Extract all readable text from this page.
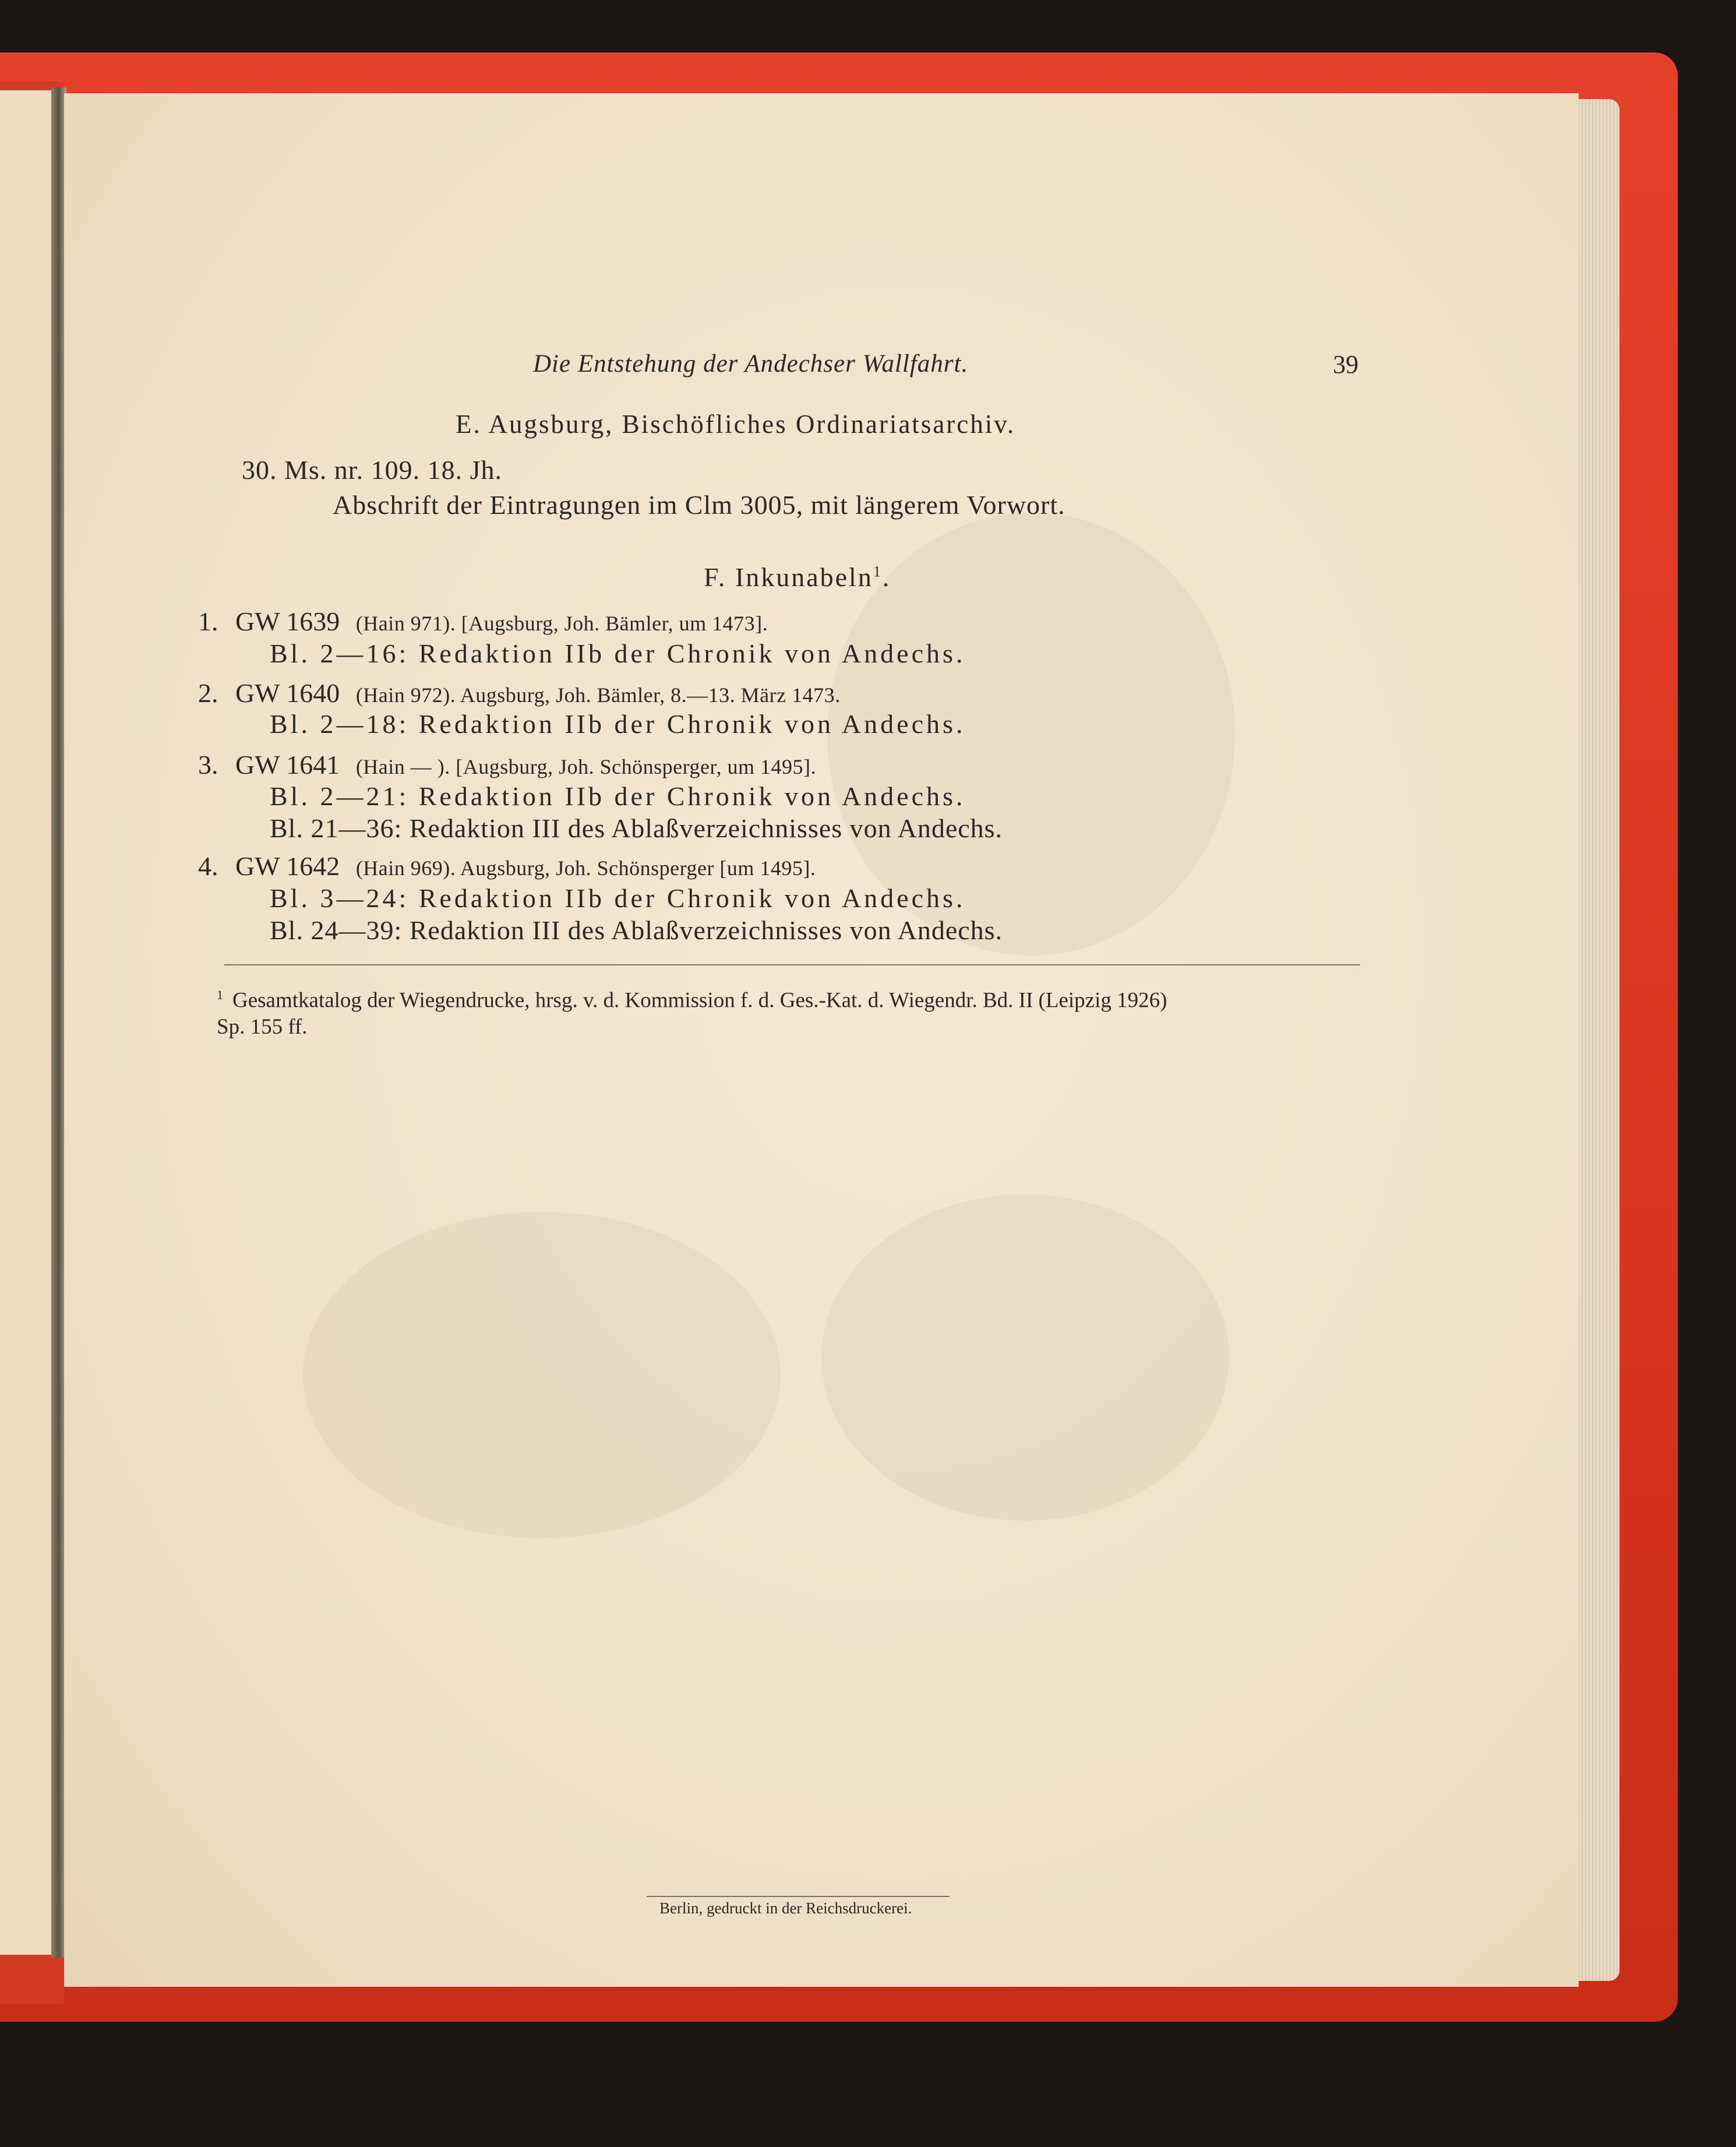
Die Entstehung der Andechser Wallfahrt.	39
E. Augsburg, Bischöfliches Ordinariatsarchiv.
30. Ms. nr. 109. 18. Jh.
Abschrift der Eintragungen im Clm 3005, mit längerem Vorwort.
F. Inkunabeln$^1$.
1. GW 1639 (Hain 971). [Augsburg, Joh. Bämler, um 1473].
Bl. 2—16: Redaktion IIb der Chronik von Andechs.
2. GW 1640 (Hain 972). Augsburg, Joh. Bämler, 8.—13. März 1473.
Bl. 2—18: Redaktion IIb der Chronik von Andechs.
3. GW 1641 (Hain — ). [Augsburg, Joh. Schönsperger, um 1495].
Bl. 2—21: Redaktion IIb der Chronik von Andechs.
Bl. 21—36: Redaktion III des Ablaßverzeichnisses von Andechs.
4. GW 1642 (Hain 969). Augsburg, Joh. Schönsperger [um 1495].
Bl. 3—24: Redaktion IIb der Chronik von Andechs.
Bl. 24—39: Redaktion III des Ablaßverzeichnisses von Andechs.
$^1$ Gesamtkatalog der Wiegendrucke, hrsg. v. d. Kommission f. d. Ges.-Kat. d. Wiegendr. Bd. II (Leipzig 1926)
Sp. 155 ff.
Berlin, gedruckt in der Reichsdruckerei.
